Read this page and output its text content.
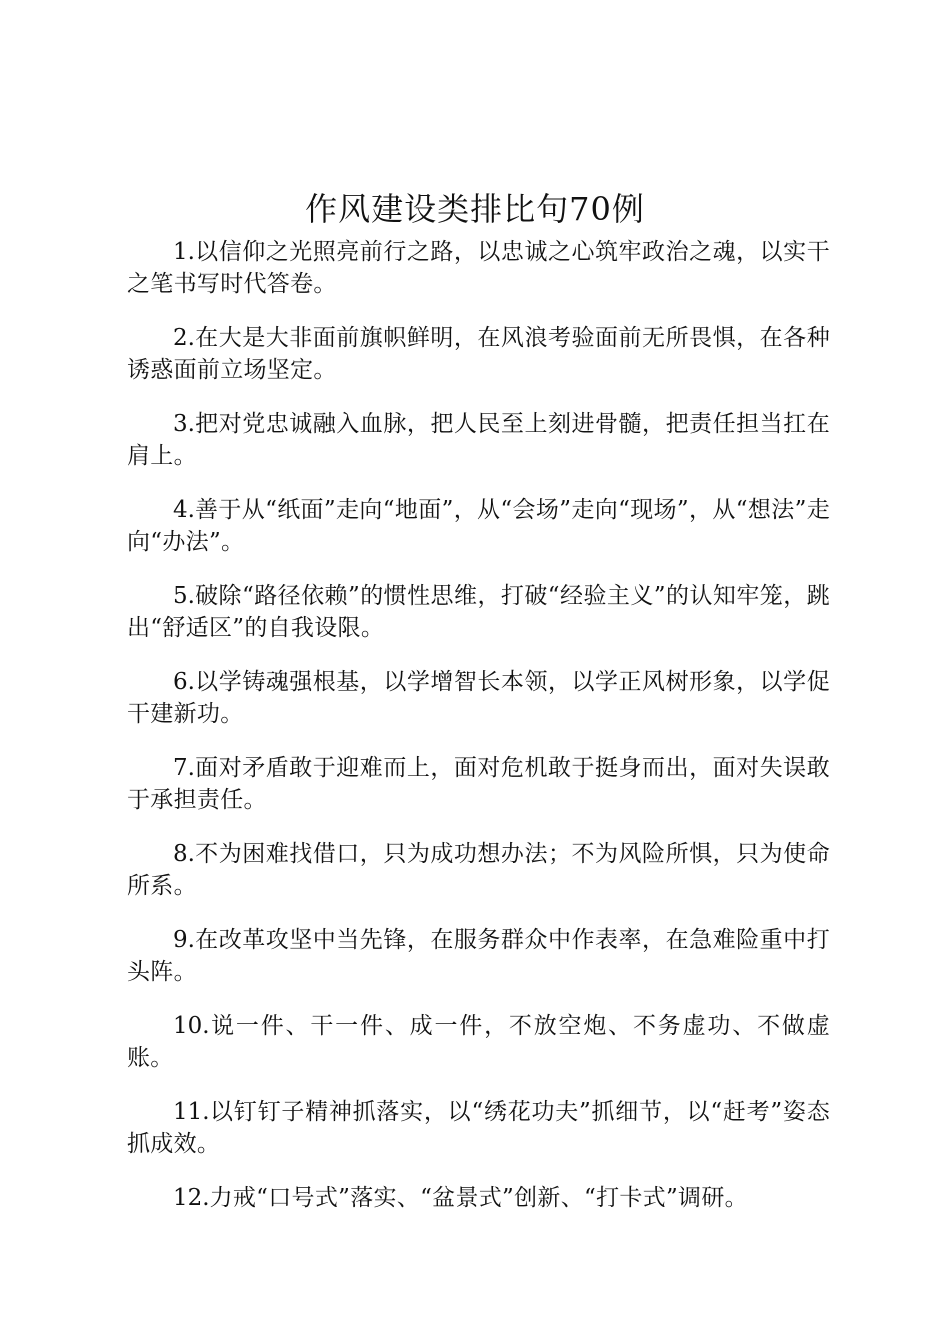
作风建设类排比句70例

1.以信仰之光照亮前行之路，以忠诚之心筑牢政治之魂，以实干之笔书写时代答卷。

2.在大是大非面前旗帜鲜明，在风浪考验面前无所畏惧，在各种诱惑面前立场坚定。

3.把对党忠诚融入血脉，把人民至上刻进骨髓，把责任担当扛在肩上。

4.善于从“纸面”走向“地面”，从“会场”走向“现场”，从“想法”走向“办法”。

5.破除“路径依赖”的惯性思维，打破“经验主义”的认知牢笼，跳出“舒适区”的自我设限。

6.以学铸魂强根基，以学增智长本领，以学正风树形象，以学促干建新功。

7.面对矛盾敢于迎难而上，面对危机敢于挺身而出，面对失误敢于承担责任。

8.不为困难找借口，只为成功想办法；不为风险所惧，只为使命所系。

9.在改革攻坚中当先锋，在服务群众中作表率，在急难险重中打头阵。

10.说一件、干一件、成一件，不放空炮、不务虚功、不做虚账。

11.以钉钉子精神抓落实，以“绣花功夫”抓细节，以“赶考”姿态抓成效。

12.力戒“口号式”落实、“盆景式”创新、“打卡式”调研。
